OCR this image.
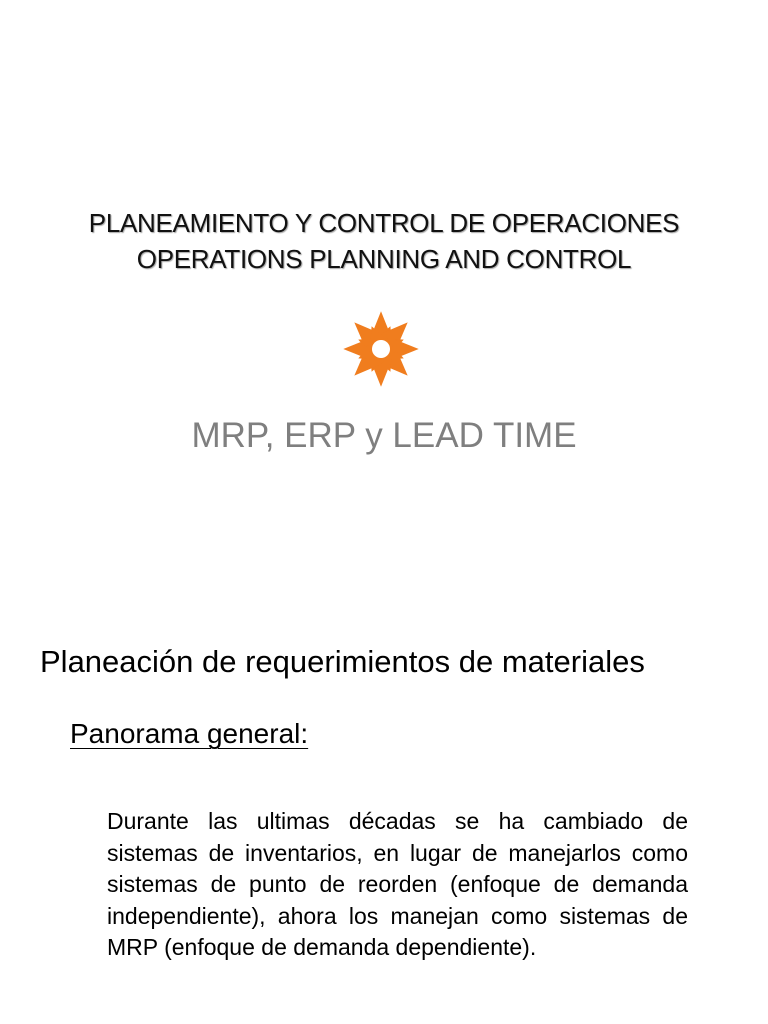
PLANEAMIENTO Y CONTROL DE OPERACIONES
OPERATIONS PLANNING AND CONTROL
MRP, ERP y LEAD TIME
Planeación de requerimientos de materiales
Panorama general:

Durante las ultimas décadas se ha cambiado de sistemas de inventarios, en lugar de manejarlos como sistemas de punto de reorden (enfoque de demanda independiente), ahora los manejan como sistemas de MRP (enfoque de demanda dependiente).
